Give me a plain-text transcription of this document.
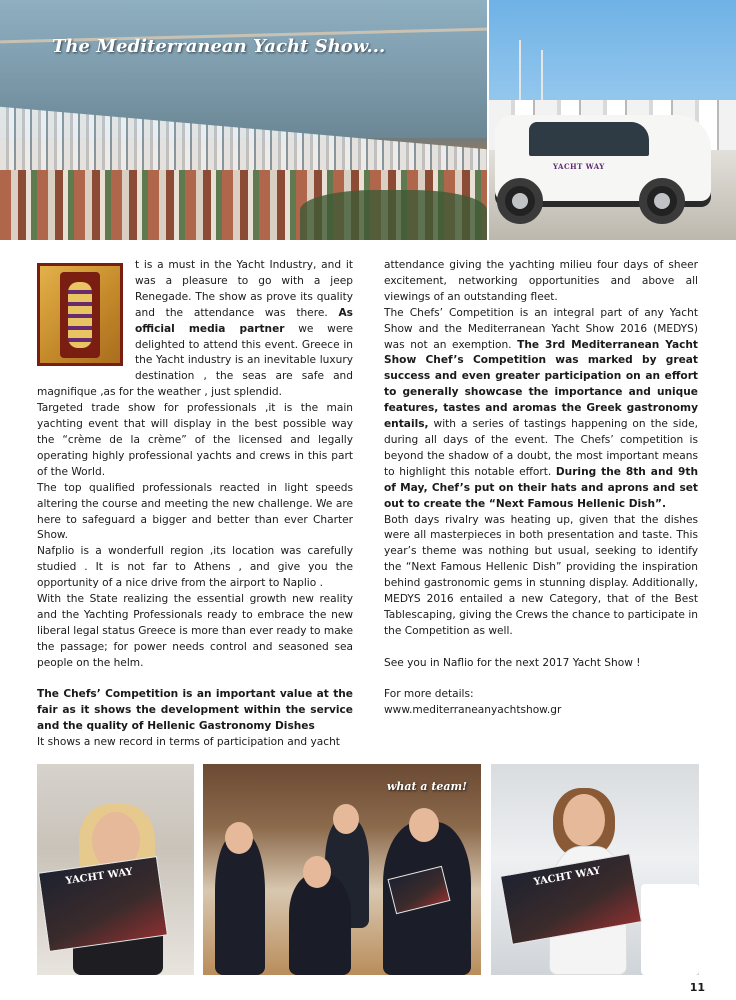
The Mediterranean Yacht Show...
YACHT WAY

t is a must in the Yacht Industry, and it was a pleasure to go with a jeep Renegade. The show as prove its quality and the attendance was there. As official media partner we were delighted to attend this event. Greece in the Yacht industry is an inevitable luxury destination , the seas are safe and magnifique ,as for the weather , just splendid.

Targeted trade show for professionals ,it is the main yachting event that will display in the best possible way the “crème de la crème” of the licensed and legally operating highly professional yachts and crews in this part of the World.

The top qualified professionals reacted in light speeds altering the course and meeting the new challenge. We are here to safeguard a bigger and better than ever Charter Show.

Nafplio is a wonderfull region ,its location was carefully studied . It is not far to Athens , and give you the opportunity of a nice drive from the airport to Naplio .

With the State realizing the essential growth new reality and the Yachting Professionals ready to embrace the new liberal legal status Greece is more than ever ready to make the passage; for power needs control and seasoned sea people on the helm.

The Chefs’ Competition is an important value at the fair as it shows the development within the service and the quality of Hellenic Gastronomy Dishes

It shows a new record in terms of participation and yacht

attendance giving the yachting milieu four days of sheer excitement, networking opportunities and above all viewings of an outstanding fleet.

The Chefs’ Competition is an integral part of any Yacht Show and the Mediterranean Yacht Show 2016 (MEDYS) was not an exemption. The 3rd Mediterranean Yacht Show Chef’s Competition was marked by great success and even greater participation on an effort to generally showcase the importance and unique features, tastes and aromas the Greek gastronomy entails, with a series of tastings happening on the side, during all days of the event. The Chefs’ competition is beyond the shadow of a doubt, the most important means to highlight this notable effort. During the 8th and 9th of May, Chef’s put on their hats and aprons and set out to create the “Next Famous Hellenic Dish”.

Both days rivalry was heating up, given that the dishes were all masterpieces in both presentation and taste. This year’s theme was nothing but usual, seeking to identify the “Next Famous Hellenic Dish” providing the inspiration behind gastronomic gems in stunning display. Additionally, MEDYS 2016 entailed a new Category, that of the Best Tablescaping, giving the Crews the chance to participate in the Competition as well.

See you in Naflio for the next 2017 Yacht Show !

For more details:

www.mediterraneanyachtshow.gr

YACHT WAY
what a team!
YACHT WAY
11
